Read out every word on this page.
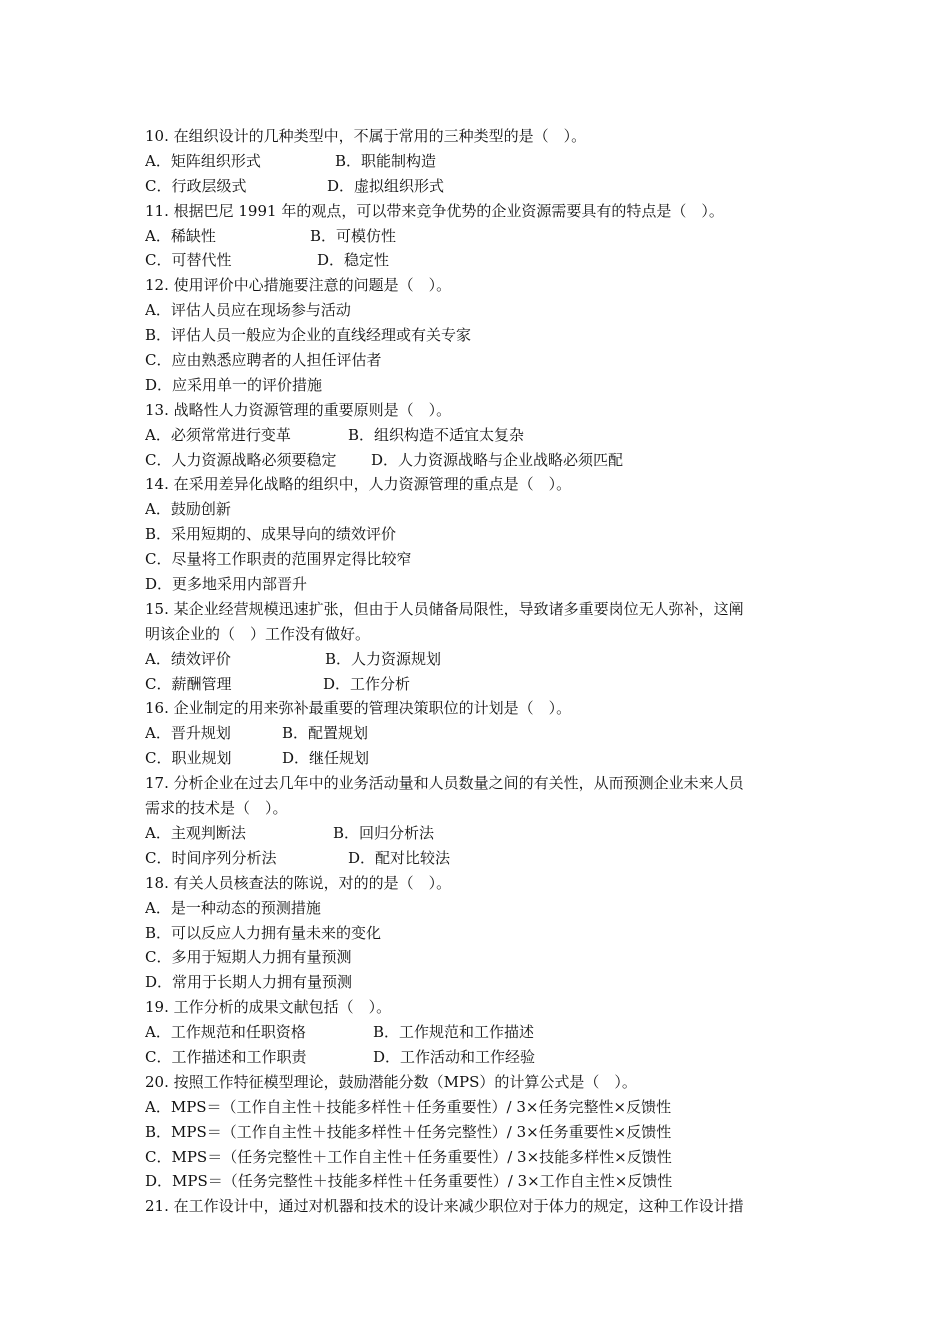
10. 在组织设计的几种类型中，不属于常用的三种类型的是（　）。
A．矩阵组织形式	B．职能制构造
C．行政层级式	D．虚拟组织形式
11. 根据巴尼 1991 年的观点，可以带来竞争优势的企业资源需要具有的特点是（　）。
A．稀缺性	B．可模仿性
C．可替代性	D．稳定性
12. 使用评价中心措施要注意的问题是（　）。
A．评估人员应在现场参与活动
B．评估人员一般应为企业的直线经理或有关专家
C．应由熟悉应聘者的人担任评估者
D．应采用单一的评价措施
13. 战略性人力资源管理的重要原则是（　）。
A．必须常常进行变革	B．组织构造不适宜太复杂
C．人力资源战略必须要稳定	D．人力资源战略与企业战略必须匹配
14. 在采用差异化战略的组织中，人力资源管理的重点是（　）。
A．鼓励创新
B．采用短期的、成果导向的绩效评价
C．尽量将工作职责的范围界定得比较窄
D．更多地采用内部晋升
15. 某企业经营规模迅速扩张，但由于人员储备局限性，导致诸多重要岗位无人弥补，这阐
明该企业的（　）工作没有做好。
A．绩效评价	B．人力资源规划
C．薪酬管理	D．工作分析
16. 企业制定的用来弥补最重要的管理决策职位的计划是（　）。
A．晋升规划	B．配置规划
C．职业规划	D．继任规划
17. 分析企业在过去几年中的业务活动量和人员数量之间的有关性，从而预测企业未来人员
需求的技术是（　）。
A．主观判断法	B．回归分析法
C．时间序列分析法	D．配对比较法
18. 有关人员核查法的陈说，对的的是（　）。
A．是一种动态的预测措施
B．可以反应人力拥有量未来的变化
C．多用于短期人力拥有量预测
D．常用于长期人力拥有量预测
19. 工作分析的成果文献包括（　）。
A．工作规范和任职资格	B．工作规范和工作描述
C．工作描述和工作职责	D．工作活动和工作经验
20. 按照工作特征模型理论，鼓励潜能分数（MPS）的计算公式是（　）。
A．MPS＝（工作自主性＋技能多样性＋任务重要性）/ 3×任务完整性×反馈性
B．MPS＝（工作自主性＋技能多样性＋任务完整性）/ 3×任务重要性×反馈性
C．MPS＝（任务完整性＋工作自主性＋任务重要性）/ 3×技能多样性×反馈性
D．MPS＝（任务完整性＋技能多样性＋任务重要性）/ 3×工作自主性×反馈性
21. 在工作设计中，通过对机器和技术的设计来减少职位对于体力的规定，这种工作设计措
